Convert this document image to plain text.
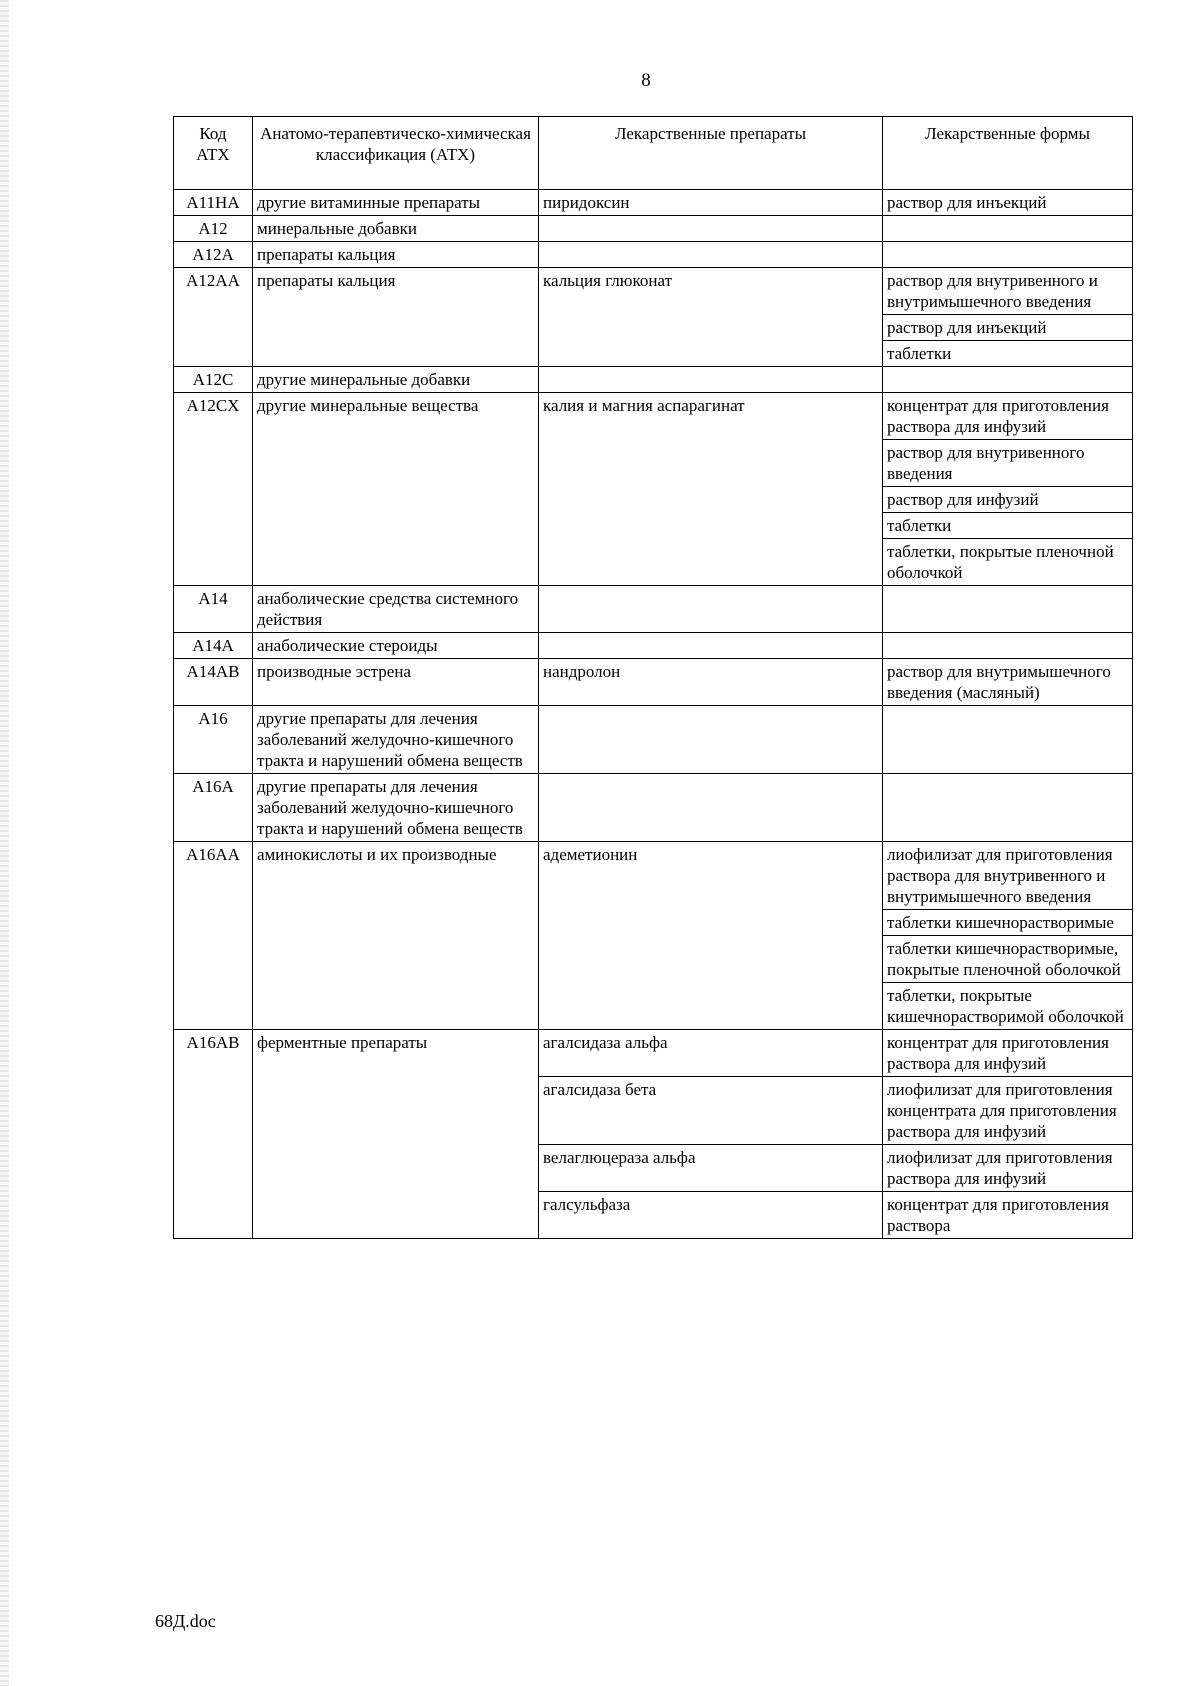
8
Код
АТХ	Анатомо-терапевтическо-химическая классификация (АТХ)	Лекарственные препараты	Лекарственные формы
A11HA	другие витаминные препараты	пиридоксин	раствор для инъекций
A12	минеральные добавки		
A12A	препараты кальция		
A12AA	препараты кальция	кальция глюконат	раствор для внутривенного и внутримышечного введения
			раствор для инъекций
			таблетки
A12C	другие минеральные добавки		
A12CX	другие минеральные вещества	калия и магния аспарагинат	концентрат для приготовления раствора для инфузий
			раствор для внутривенного введения
			раствор для инфузий
			таблетки
			таблетки, покрытые пленочной оболочкой
A14	анаболические средства системного действия		
A14A	анаболические стероиды		
A14AB	производные эстрена	нандролон	раствор для внутримышечного введения (масляный)
A16	другие препараты для лечения заболеваний желудочно-кишечного тракта и нарушений обмена веществ		
A16A	другие препараты для лечения заболеваний желудочно-кишечного тракта и нарушений обмена веществ		
A16AA	аминокислоты и их производные	адеметионин	лиофилизат для приготовления раствора для внутривенного и внутримышечного введения
			таблетки кишечнорастворимые
			таблетки кишечнорастворимые, покрытые пленочной оболочкой
			таблетки, покрытые кишечнорастворимой оболочкой
A16AB	ферментные препараты	агалсидаза альфа	концентрат для приготовления раствора для инфузий
		агалсидаза бета	лиофилизат для приготовления концентрата для приготовления раствора для инфузий
		велаглюцераза альфа	лиофилизат для приготовления раствора для инфузий
		галсульфаза	концентрат для приготовления раствора
68Д.doc
